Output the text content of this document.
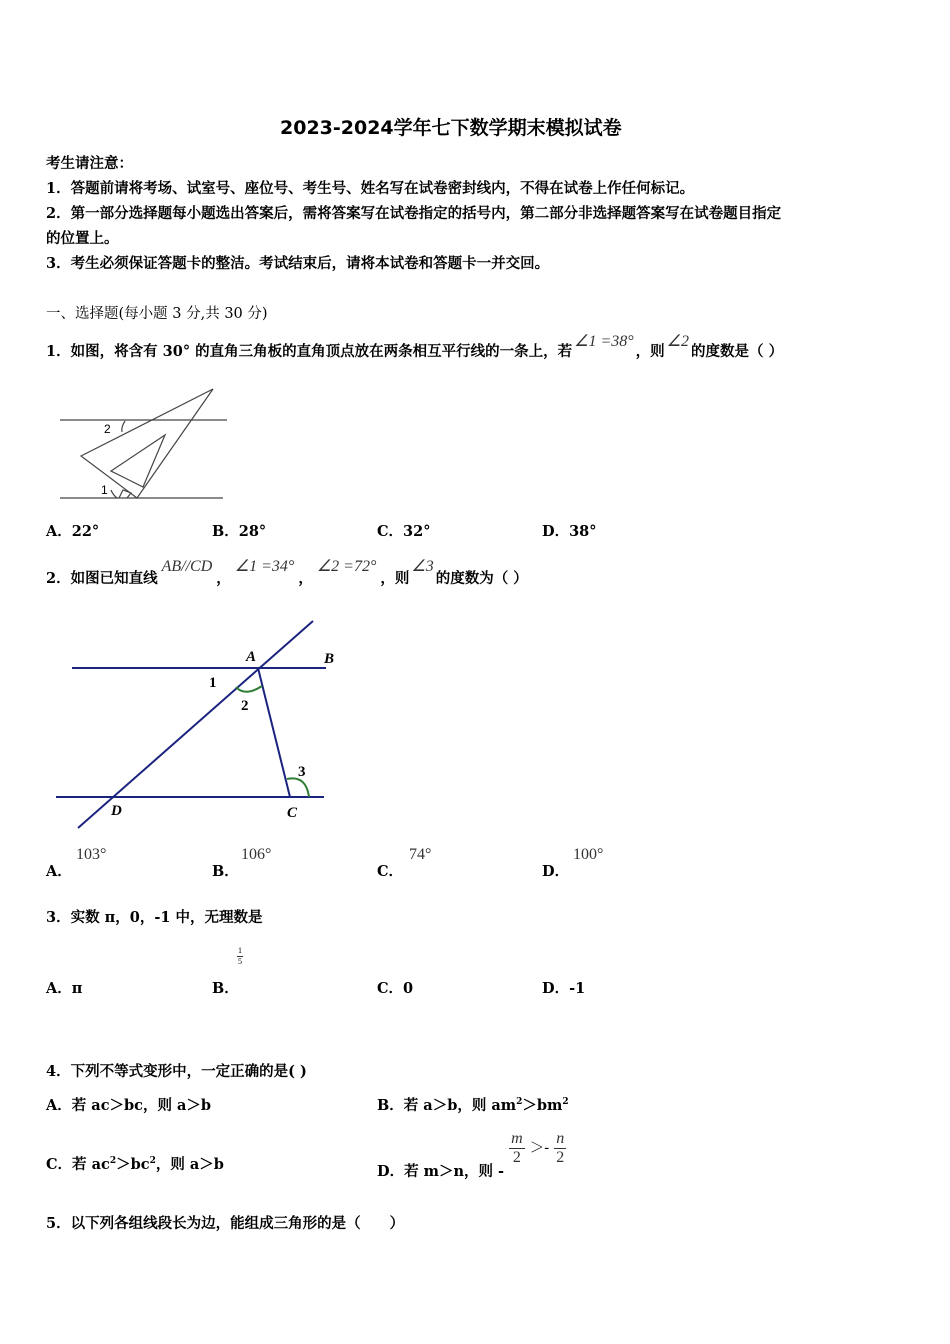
2023-2024学年七下数学期末模拟试卷
考生请注意：
1．答题前请将考场、试室号、座位号、考生号、姓名写在试卷密封线内，不得在试卷上作任何标记。
2．第一部分选择题每小题选出答案后，需将答案写在试卷指定的括号内，第二部分非选择题答案写在试卷题目指定
的位置上。
3．考生必须保证答题卡的整洁。考试结束后，请将本试卷和答题卡一并交回。
一、选择题(每小题 3 分,共 30 分)
1．如图，将含有 30° 的直角三角板的直角顶点放在两条相互平行线的一条上，若∠1 =38°，则∠2的度数是（ ）
2
1
A．22°	B．28°	C．32°	D．38°
2．如图已知直线AB//CD，∠1 =34°，∠2 =72°，则∠3的度数为（ ）
A	B
C
D
1
2
3
A．
103°
B．
106°
C．
74°
D．
100°
3．实数 π，0，-1 中，无理数是
A．π	B．
$\frac{1}{5}$
C．0	D．-1
4．下列不等式变形中，一定正确的是( )
A．若 ac＞bc，则 a＞b	B．若 a＞b，则 $am^2>bm^2$
C．若 $ac^2>bc^2$，则 a＞b	D．若 m＞n，则 -
$\frac{m}{2} >- \frac{n}{2}$
5．以下列各组线段长为边，能组成三角形的是（　　）
